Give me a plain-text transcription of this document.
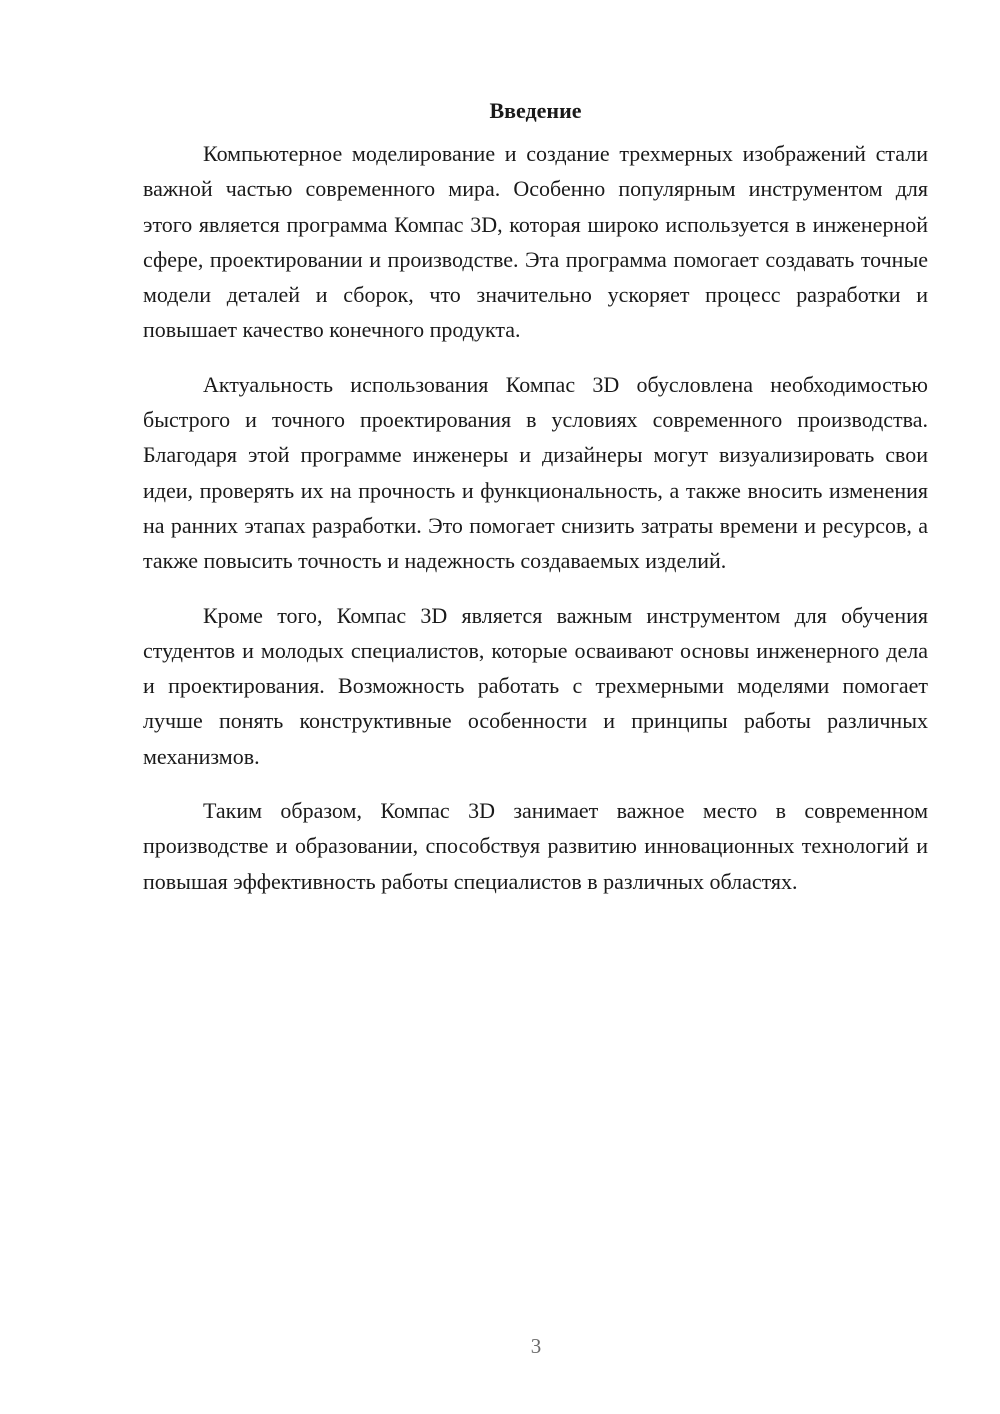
Введение

Компьютерное моделирование и создание трехмерных изображений стали важной частью современного мира. Особенно популярным инструментом для этого является программа Компас 3D, которая широко используется в инженерной сфере, проектировании и производстве. Эта программа помогает создавать точные модели деталей и сборок, что значительно ускоряет процесс разработки и повышает качество конечного продукта.

Актуальность использования Компас 3D обусловлена необходимостью быстрого и точного проектирования в условиях современного производства. Благодаря этой программе инженеры и дизайнеры могут визуализировать свои идеи, проверять их на прочность и функциональность, а также вносить изменения на ранних этапах разработки. Это помогает снизить затраты времени и ресурсов, а также повысить точность и надежность создаваемых изделий.

Кроме того, Компас 3D является важным инструментом для обучения студентов и молодых специалистов, которые осваивают основы инженерного дела и проектирования. Возможность работать с трехмерными моделями помогает лучше понять конструктивные особенности и принципы работы различных механизмов.

Таким образом, Компас 3D занимает важное место в современном производстве и образовании, способствуя развитию инновационных технологий и повышая эффективность работы специалистов в различных областях.

3
